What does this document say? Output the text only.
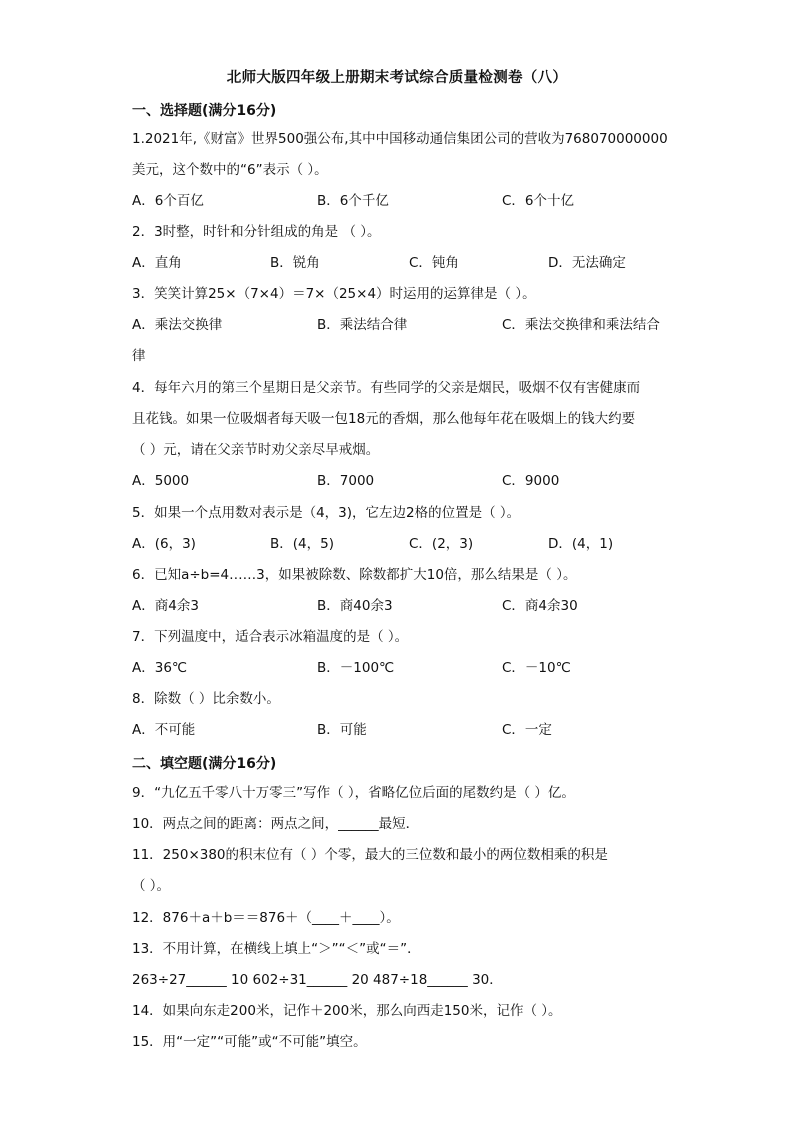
北师大版四年级上册期末考试综合质量检测卷（八）
一、选择题(满分16分)
1.2021年,《财富》世界500强公布,其中中国移动通信集团公司的营收为768070000000
美元，这个数中的“6”表示（ ）。
A．6个百亿	B．6个千亿	C．6个十亿
2．3时整，时针和分针组成的角是 （ ）。
A．直角	B．锐角	C．钝角	D．无法确定
3．笑笑计算25×（7×4）＝7×（25×4）时运用的运算律是（ ）。
A．乘法交换律	B．乘法结合律	C．乘法交换律和乘法结合
律
4．每年六月的第三个星期日是父亲节。有些同学的父亲是烟民，吸烟不仅有害健康而
且花钱。如果一位吸烟者每天吸一包18元的香烟，那么他每年花在吸烟上的钱大约要
（ ）元，请在父亲节时劝父亲尽早戒烟。
A．5000	B．7000	C．9000
5．如果一个点用数对表示是（4，3)，它左边2格的位置是（ ）。
A．(6，3)	B．(4，5)	C．(2，3)	D．(4，1)
6．已知a÷b=4……3，如果被除数、除数都扩大10倍，那么结果是（ ）。
A．商4余3	B．商40余3	C．商4余30
7．下列温度中，适合表示冰箱温度的是（ ）。
A．36℃	B．－100℃	C．－10℃
8．除数（ ）比余数小。
A．不可能	B．可能	C．一定
二、填空题(满分16分)
9．“九亿五千零八十万零三”写作（ ），省略亿位后面的尾数约是（ ）亿。
10．两点之间的距离：两点之间，______最短．
11．250×380的积末位有（ ）个零，最大的三位数和最小的两位数相乘的积是
（ ）。
12．876＋a＋b＝＝876＋（____＋____）。
13．不用计算，在横线上填上“＞”“＜”或“＝”．
263÷27______ 10 602÷31______ 20 487÷18______ 30．
14．如果向东走200米，记作＋200米，那么向西走150米，记作（ ）。
15．用“一定”“可能”或“不可能”填空。
